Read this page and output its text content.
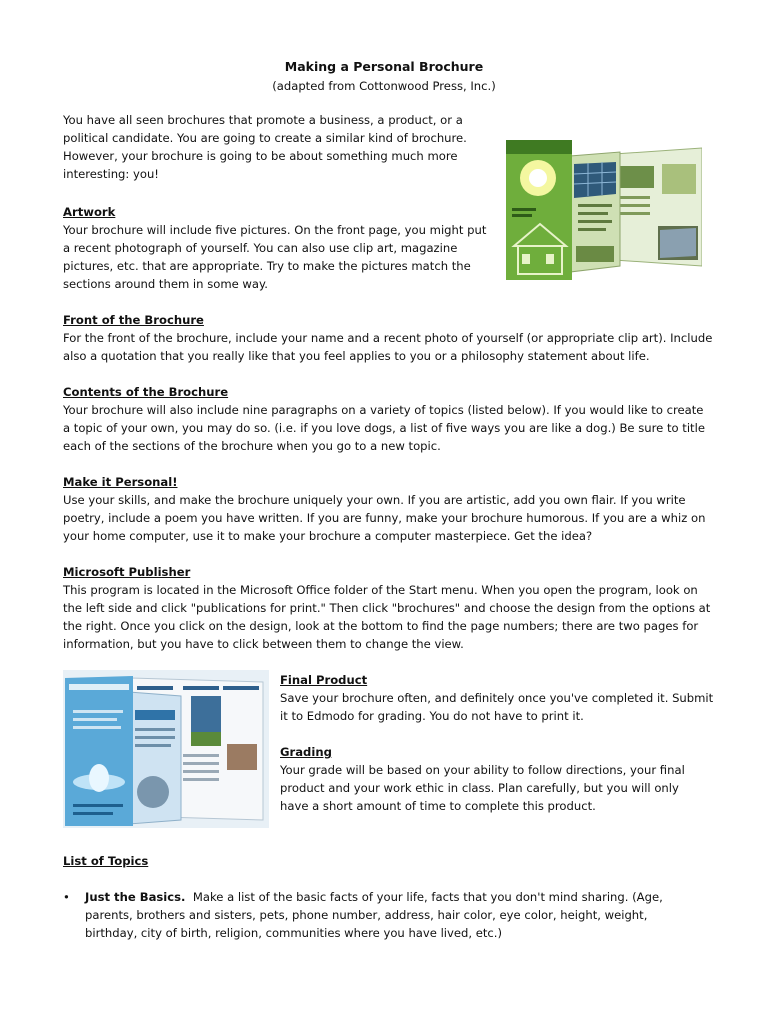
Making a Personal Brochure
(adapted from Cottonwood Press, Inc.)

You have all seen brochures that promote a business, a product, or a political candidate. You are going to create a similar kind of brochure. However, your brochure is going to be about something much more interesting: you!

Artwork

Your brochure will include five pictures. On the front page, you might put a recent photograph of yourself. You can also use clip art, magazine pictures, etc. that are appropriate. Try to make the pictures match the sections around them in some way.

Front of the Brochure

For the front of the brochure, include your name and a recent photo of yourself (or appropriate clip art). Include also a quotation that you really like that you feel applies to you or a philosophy statement about life.

Contents of the Brochure

Your brochure will also include nine paragraphs on a variety of topics (listed below). If you would like to create a topic of your own, you may do so. (i.e. if you love dogs, a list of five ways you are like a dog.) Be sure to title each of the sections of the brochure when you go to a new topic.

Make it Personal!

Use your skills, and make the brochure uniquely your own. If you are artistic, add you own flair. If you write poetry, include a poem you have written. If you are funny, make your brochure humorous. If you are a whiz on your home computer, use it to make your brochure a computer masterpiece. Get the idea?

Microsoft Publisher

This program is located in the Microsoft Office folder of the Start menu. When you open the program, look on the left side and click "publications for print." Then click "brochures" and choose the design from the options at the right. Once you click on the design, look at the bottom to find the page numbers; there are two pages for information, but you have to click between them to change the view.

Final Product

Save your brochure often, and definitely once you've completed it. Submit it to Edmodo for grading. You do not have to print it.

Grading

Your grade will be based on your ability to follow directions, your final product and your work ethic in class. Plan carefully, but you will only have a short amount of time to complete this product.

List of Topics

• Just the Basics. Make a list of the basic facts of your life, facts that you don't mind sharing. (Age, parents, brothers and sisters, pets, phone number, address, hair color, eye color, height, weight, birthday, city of birth, religion, communities where you have lived, etc.)
